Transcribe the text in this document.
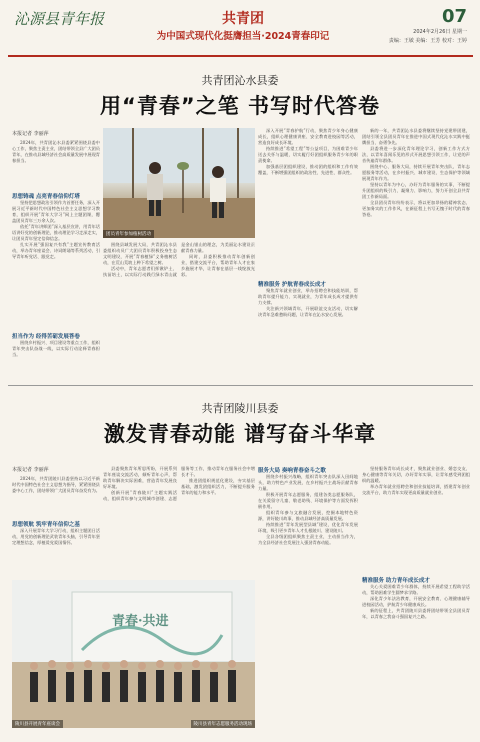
沁源县青年报	共青团
为中国式现代化挺膺担当·2024青春印记
07
2024年2月26日 星期一
责编：王敏 美编：王芳 校对：王婷
共青团沁水县委
用“青春”之笔 书写时代答卷
本报记者 李丽萍

2024年，共青团沁水县委紧紧围绕县委中心工作，聚焦主责主业，团结带领全县广大团员青年，在推动县域经济社会高质量发展中展现青春担当。

思想铸魂 点亮青春信仰灯塔

坚持把思想政治引领作为首要任务，深入开展习近平新时代中国特色社会主义思想学习教育，组织开展“青年大学习”网上主题团课，覆盖团员青年三万余人次。

依托“青年讲师团”深入基层宣讲，用青年话语讲好党的创新理论，推动理论学习走深走实，让团员青年坚定信仰信念。

扎实开展“强国复兴有我”主题宣传教育活动，举办青年座谈会、诗词朗诵等系列活动，引导青年听党话、跟党走。

担当作为 经得苦砺发展答卷

围绕乡村振兴、项目建设等重点工作，组织青年突击队奋战一线，以实际行动诠释青春担当。

团员青年参加植树活动

围绕县域发展大局，共青团沁水县委组织动员广大团员青年积极投身生态文明建设，开展“青春植绿”义务植树活动，在荒山荒坡上种下希望之树。

活动中，青年志愿者们挥锹铲土、扶苗培土，以实际行动践行绿水青山就是金山银山的理念，为美丽沁水建设贡献青春力量。

同时，县委积极推动青年创新创业，搭建交流平台，帮助青年人才在家乡施展才华，让青春在基层一线绽放光彩。

深入开展“青春护航”行动，聚焦青少年身心健康成长，组织心理健康讲座、安全教育进校园等活动，营造良好成长环境。

持续推进“希望工程”等公益项目，为困难青少年送去关怀与温暖，切实履行好团组织服务青少年的职责使命。

加强基层团组织建设，推动团的组织和工作有效覆盖，不断增强团组织的政治性、先进性、群众性。

精准服务 护航青春成长成才

聚焦青年就业创业，举办招聘会和技能培训，帮助青年提升能力、实现就业，为青年成长成才提供有力支撑。

关注新兴领域青年，开展联谊交友活动，切实解决青年急难愁盼问题，让青年在沁水安心发展。

新的一年，共青团沁水县委将继续坚持党建带团建，团结引领全县团员青年在推进中国式现代化沁水实践中挺膺担当、奋勇争先。

县委将进一步深化青年理论学习，创新工作方式方法，以青年喜闻乐见的形式开展思想引领工作，让党的声音传遍青年群体。

围绕中心、服务大局，持续开展青年突击队、青年志愿服务等活动，在乡村振兴、城市建设、生态保护等领域展现青年作为。

坚持以青年为中心，办好为青年服务的实事，不断提升团组织的吸引力、凝聚力、影响力，努力开创全县共青团工作新局面。

全县团员青年纷纷表示，将以更加昂扬的精神状态、更加务实的工作作风，在新征程上书写无愧于时代的青春答卷。

共青团陵川县委
激发青春动能 谱写奋斗华章
本报记者 李丽萍

2024年，共青团陵川县委坚持以习近平新时代中国特色社会主义思想为指导，紧紧围绕县委中心工作，团结带领广大团员青年奋发有为。

思想领航 筑牢青年信仰之基

深入开展青年大学习行动，组织主题团日活动，用党的创新理论武装青年头脑，引导青年坚定理想信念，厚植爱党爱国情怀。

县委聚焦青年所思所盼，开展系列青年座谈交流活动，倾听青年心声，帮助青年解决实际困难，营造青年发展良好环境。

创新开展“青春陵川”主题实践活动，组织青年参与文明城市创建、志愿服务等工作，推动青年在服务社会中增长才干。

推进团组织规范化建设，夯实基层基础，激发团组织活力，不断提升服务青年的能力和水平。

服务大局 奏响青春奋斗之歌

围绕乡村振兴战略，组织青年突击队深入田间地头，助力特色产业发展，在乡村振兴主战场贡献青春力量。

积极开展青年志愿服务，组建各类志愿服务队，在关爱留守儿童、敬老助残、环境保护等方面发挥积极作用。

组织青年参与文旅融合发展，挖掘本地特色资源，讲好陵川故事，推动县域经济高质量发展。

持续推进“青年发展型县域”建设，优化青年发展环境，吸引更多青年人才扎根陵川、建设陵川。

全县各级团组织聚焦主责主业，主动担当作为，为全县经济社会发展注入强劲青春动能。

精准服务 助力青年成长成才

坚持服务青年成长成才，聚焦就业创业、婚恋交友、身心健康等青年关切，办好青年实事，让青年感受到团组织的温暖。

举办青年就业招聘会和创业技能培训，搭建青年创业交流平台，助力青年实现更高质量就业创业。

关心关爱困难青少年群体，持续开展希望工程助学活动，帮助困难学生圆梦求学路。

深化青少年法治教育，开展安全教育、心理健康辅导进校园活动，护航青少年健康成长。

新的征程上，共青团陵川县委将团结带领全县团员青年，以青春之我奋斗强国复兴之路。

青春·共进
陵川县开展青年座谈会	陵川县青年志愿服务活动现场
